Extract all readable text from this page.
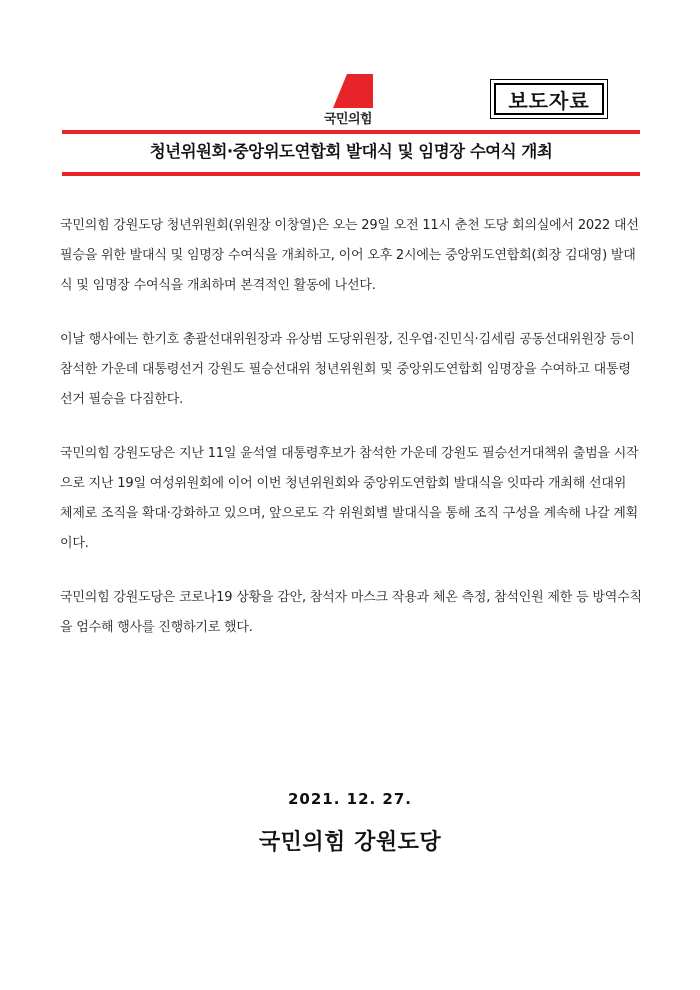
국민의힘
보도자료
청년위원회·중앙위도연합회 발대식 및 임명장 수여식 개최

국민의힘 강원도당 청년위원회(위원장 이창열)은 오는 29일 오전 11시 춘천 도당 회의실에서 2022 대선 필승을 위한 발대식 및 임명장 수여식을 개최하고, 이어 오후 2시에는 중앙위도연합회(회장 김대영) 발대식 및 임명장 수여식을 개최하며 본격적인 활동에 나선다.

이날 행사에는 한기호 총괄선대위원장과 유상범 도당위원장, 진우엽·진민식·김세림 공동선대위원장 등이 참석한 가운데 대통령선거 강원도 필승선대위 청년위원회 및 중앙위도연합회 임명장을 수여하고 대통령선거 필승을 다짐한다.

국민의힘 강원도당은 지난 11일 윤석열 대통령후보가 참석한 가운데 강원도 필승선거대책위 출범을 시작으로 지난 19일 여성위원회에 이어 이번 청년위원회와 중앙위도연합회 발대식을 잇따라 개최해 선대위 체제로 조직을 확대·강화하고 있으며, 앞으로도 각 위원회별 발대식을 통해 조직 구성을 계속해 나갈 계획이다.

국민의힘 강원도당은 코로나19 상황을 감안, 참석자 마스크 작용과 체온 측정, 참석인원 제한 등 방역수칙을 엄수해 행사를 진행하기로 했다.

2021. 12. 27.
국민의힘 강원도당
